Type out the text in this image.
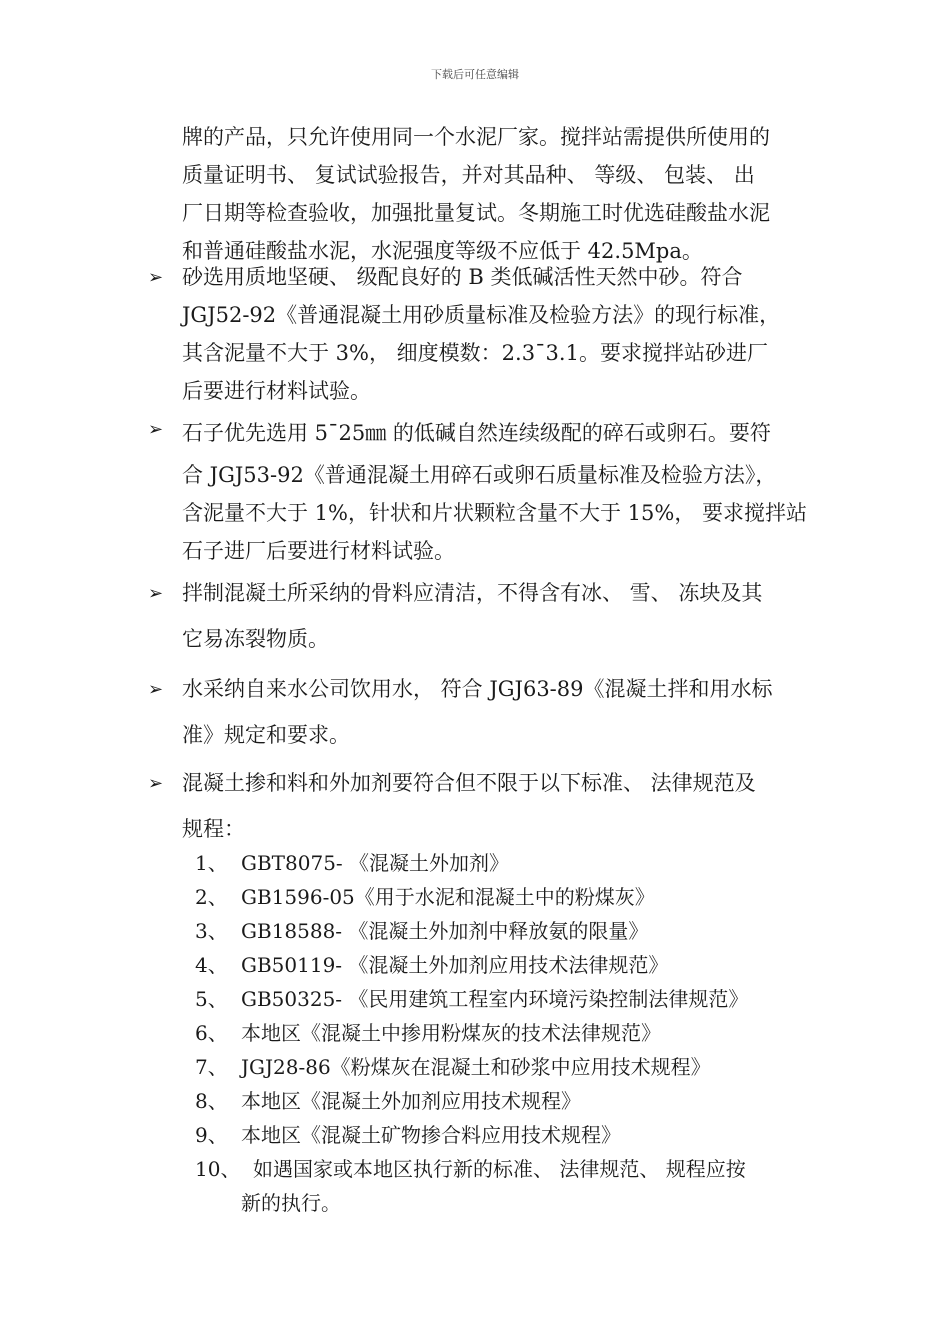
下载后可任意编辑
牌的产品，只允许使用同一个水泥厂家。搅拌站需提供所使用的
质量证明书、 复试试验报告，并对其品种、 等级、 包装、 出
厂日期等检查验收，加强批量复试。冬期施工时优选硅酸盐水泥
和普通硅酸盐水泥，水泥强度等级不应低于 42.5Mpa。
➢ 砂选用质地坚硬、 级配良好的 B 类低碱活性天然中砂。符合
JGJ52-92《普通混凝土用砂质量标准及检验方法》的现行标准，
其含泥量不大于 3%， 细度模数：2.3¯3.1。要求搅拌站砂进厂
后要进行材料试验。
➢ 石子优先选用 5¯25㎜ 的低碱自然连续级配的碎石或卵石。要符
合 JGJ53-92《普通混凝土用碎石或卵石质量标准及检验方法》，
含泥量不大于 1%，针状和片状颗粒含量不大于 15%， 要求搅拌站
石子进厂后要进行材料试验。
➢ 拌制混凝土所采纳的骨料应清洁，不得含有冰、 雪、 冻块及其
它易冻裂物质。
➢ 水采纳自来水公司饮用水， 符合 JGJ63-89《混凝土拌和用水标
准》规定和要求。
➢ 混凝土掺和料和外加剂要符合但不限于以下标准、 法律规范及
规程：
1、 GBT8075- 《混凝土外加剂》
2、 GB1596-05《用于水泥和混凝土中的粉煤灰》
3、 GB18588- 《混凝土外加剂中释放氨的限量》
4、 GB50119- 《混凝土外加剂应用技术法律规范》
5、 GB50325- 《民用建筑工程室内环境污染控制法律规范》
6、 本地区《混凝土中掺用粉煤灰的技术法律规范》
7、 JGJ28-86《粉煤灰在混凝土和砂浆中应用技术规程》
8、 本地区《混凝土外加剂应用技术规程》
9、 本地区《混凝土矿物掺合料应用技术规程》
10、 如遇国家或本地区执行新的标准、 法律规范、 规程应按
新的执行。
